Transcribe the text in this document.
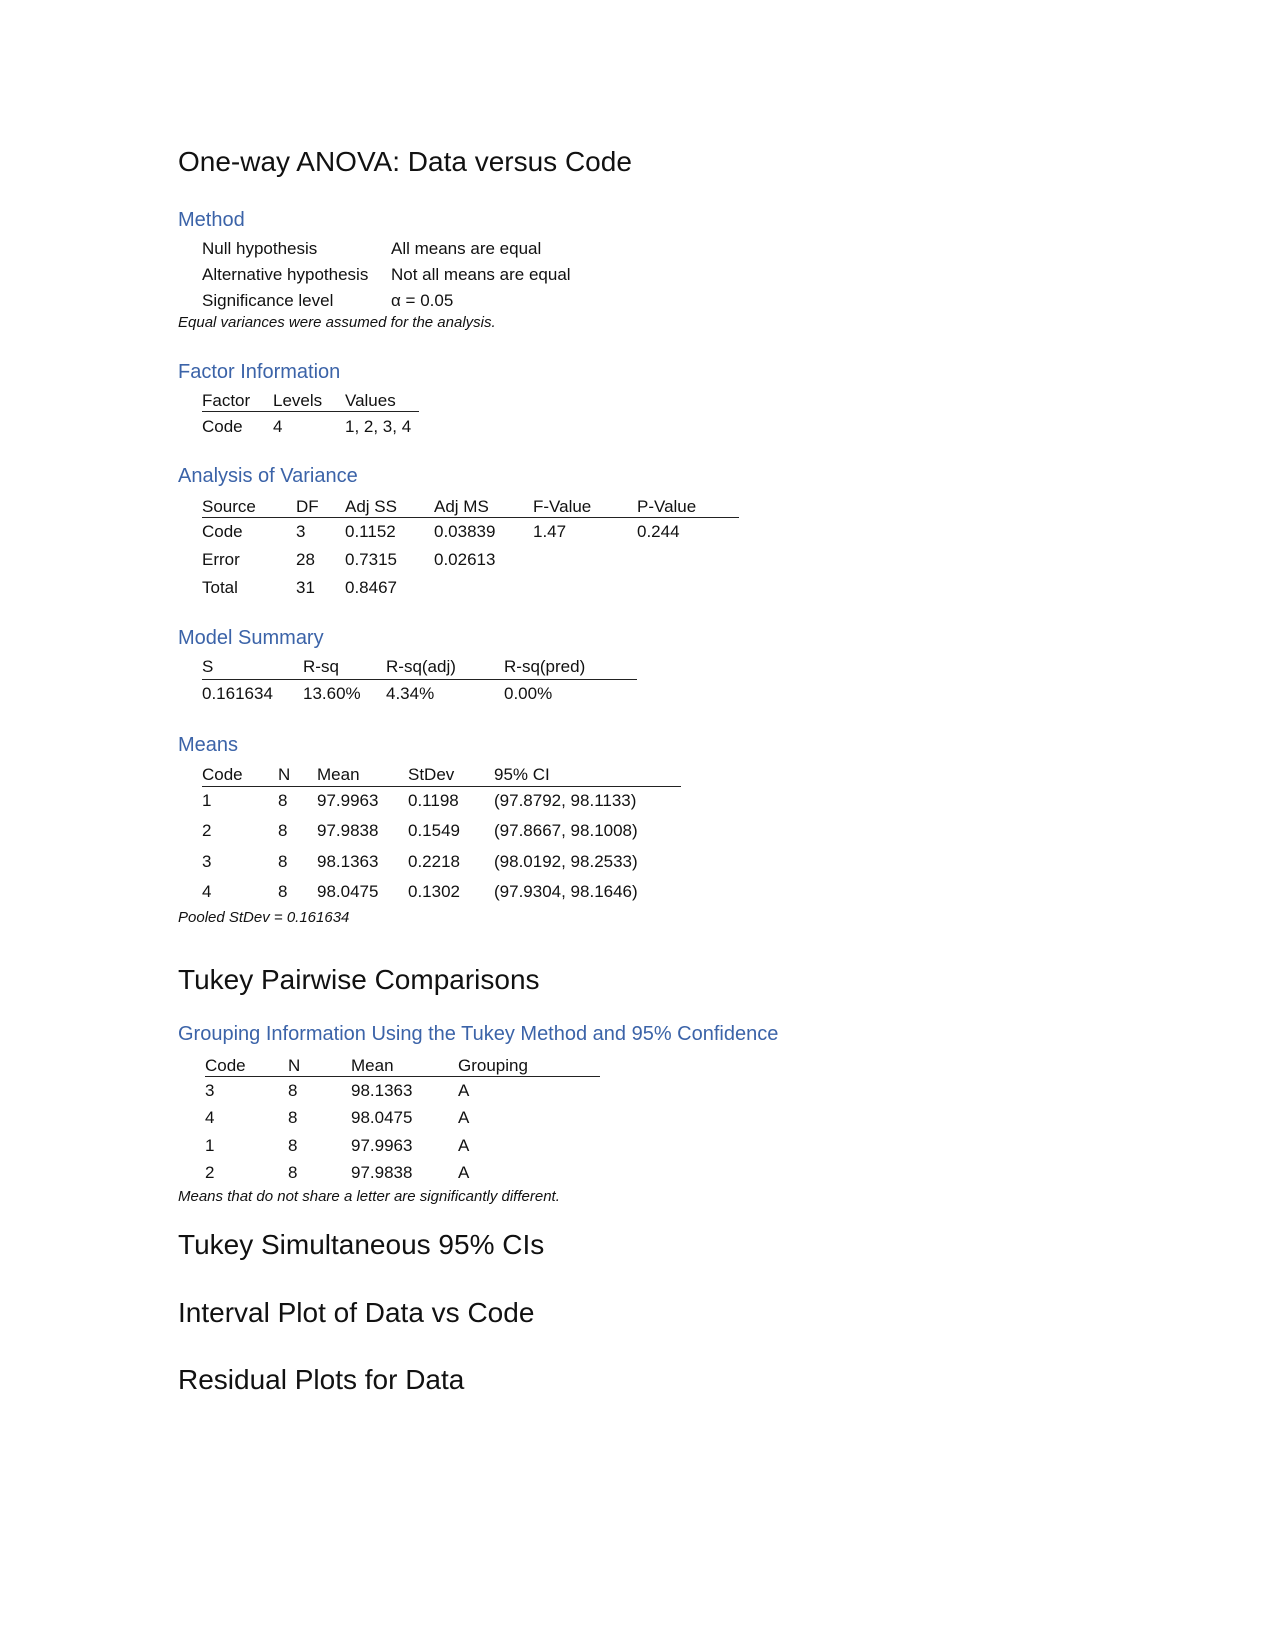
One-way ANOVA: Data versus Code
Method
Null hypothesis	All means are equal
Alternative hypothesis Not all means are equal
Significance level	α = 0.05
Equal variances were assumed for the analysis.
Factor Information
Factor Levels Values
Code 4	1, 2, 3, 4
Analysis of Variance
Source DF Adj SS Adj MS	F-Value	P-Value
Code	3 0.1152 0.03839 1.47	0.244
Error	28 0.7315 0.02613
Total	31 0.8467
Model Summary
S	R-sq	R-sq(adj)	R-sq(pred)
0.161634 13.60% 4.34%	0.00%
Means
Code N Mean	StDev 95% CI
1	8 97.9963 0.1198 (97.8792, 98.1133)
2	8 97.9838 0.1549 (97.8667, 98.1008)
3	8 98.1363 0.2218 (98.0192, 98.2533)
4	8 98.0475 0.1302 (97.9304, 98.1646)
Pooled StDev = 0.161634
Tukey Pairwise Comparisons
Grouping Information Using the Tukey Method and 95% Confidence
Code N	Mean	Grouping
3	8	98.1363	A
4	8	98.0475	A
1	8	97.9963	A
2	8	97.9838	A
Means that do not share a letter are significantly different.
Tukey Simultaneous 95% CIs
Interval Plot of Data vs Code
Residual Plots for Data
